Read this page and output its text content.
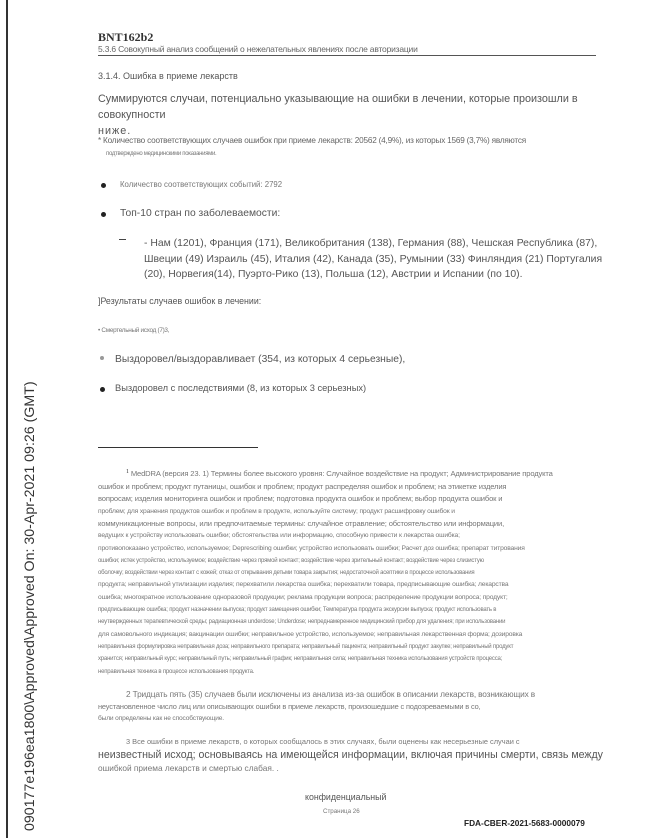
090177e196ea1800\Approved\Approved On: 30-Apr-2021 09:26 (GMT)
BNT162b2
5.3.6 Совокупный анализ сообщений о нежелательных явлениях после авторизации
3.1.4. Ошибка в приеме лекарств
Суммируются случаи, потенциально указывающие на ошибки в лечении, которые произошли в совокупности
ниже.
* Количество соответствующих случаев ошибок при приеме лекарств: 20562 (4,9%), из которых 1569 (3,7%) являются
подтверждено медицинскими показаниями.
Количество соответствующих событий: 2792
Топ-10 стран по заболеваемости:
- Нам (1201), Франция (171), Великобритания (138), Германия (88), Чешская Республика (87), Швеции (49) Израиль (45), Италия (42), Канада (35), Румынии (33) Финляндия (21) Португалия (20), Норвегия(14), Пуэрто-Рико (13), Польша (12), Австрии и Испании (по 10).
]Результаты случаев ошибок в лечении:
• Смертельный исход (7)3,
Выздоровел/выздоравливает (354, из которых 4 серьезные),
Выздоровел с последствиями (8, из которых 3 серьезных)
$^1$ MedDRA (версия 23. 1) Термины более высокого уровня: Случайное воздействие на продукт; Администрирование продукта
ошибок и проблем; продукт путаницы, ошибок и проблем; продукт распределяя ошибок и проблем; на этикетке изделия
вопросам; изделия мониторинга ошибок и проблем; подготовка продукта ошибок и проблем; выбор продукта ошибок и
проблем; для хранения продуктов ошибок и проблем в продукте, используйте систему; продукт расшифровку ошибок и
коммуникационные вопросы, или предпочитаемые термины: случайное отравление; обстоятельство или информации,
ведущих к устройству использовать ошибки; обстоятельства или информацию, способную привести к лекарства ошибка;
противопоказано устройство, используемое; Deprescribing ошибки; устройство использовать ошибки; Расчет доз ошибка; препарат титрования
ошибки; истек устройство, используемое; воздействие через прямой контакт; воздействие через зрительный контакт; воздействие через слизистую
оболочку; воздействии через контакт с кожей; отказ от открывания детьми товара закрытия; недостаточной асептики в процессе использования
продукта; неправильной утилизации изделия; перехватили лекарства ошибка; перехватили товара, предписывающие ошибка; лекарства
ошибка; многократное использование одноразовой продукции; реклама продукции вопроса; распределение продукции вопроса; продукт;
предписывающие ошибка; продукт назначении выпуска; продукт замещения ошибки; Температура продукта экскурсии выпуска; продукт использовать в
неутвержденных терапевтической среды; радиационная underdose; Underdose; непреднамеренное медицинский прибор для удаления; при использовании
для самовольного индикация; вакцинации ошибки; неправильное устройство, используемое; неправильная лекарственная форма; дозировка
неправильная формулировка неправильная доза; неправильного препарата; неправильный пациента; неправильный продукт закупке; неправильный продукт
хранится; неправильный курс; неправильный путь; неправильный график; неправильная сила; неправильная техника использования устройств процесса;
неправильная техника в процессе использования продукта.
2 Тридцать пять (35) случаев были исключены из анализа из-за ошибок в описании лекарств, возникающих в
неустановленное число лиц или описывающих ошибки в приеме лекарств, произошедшие с подозреваемыми в со,
были определены как не способствующие.
3 Все ошибки в приеме лекарств, о которых сообщалось в этих случаях, были оценены как несерьезные случаи с
неизвестный исход; основываясь на имеющейся информации, включая причины смерти, связь между
ошибкой приема лекарств и смертью слабая. .
конфиденциальный
Страница 26
FDA-CBER-2021-5683-0000079
